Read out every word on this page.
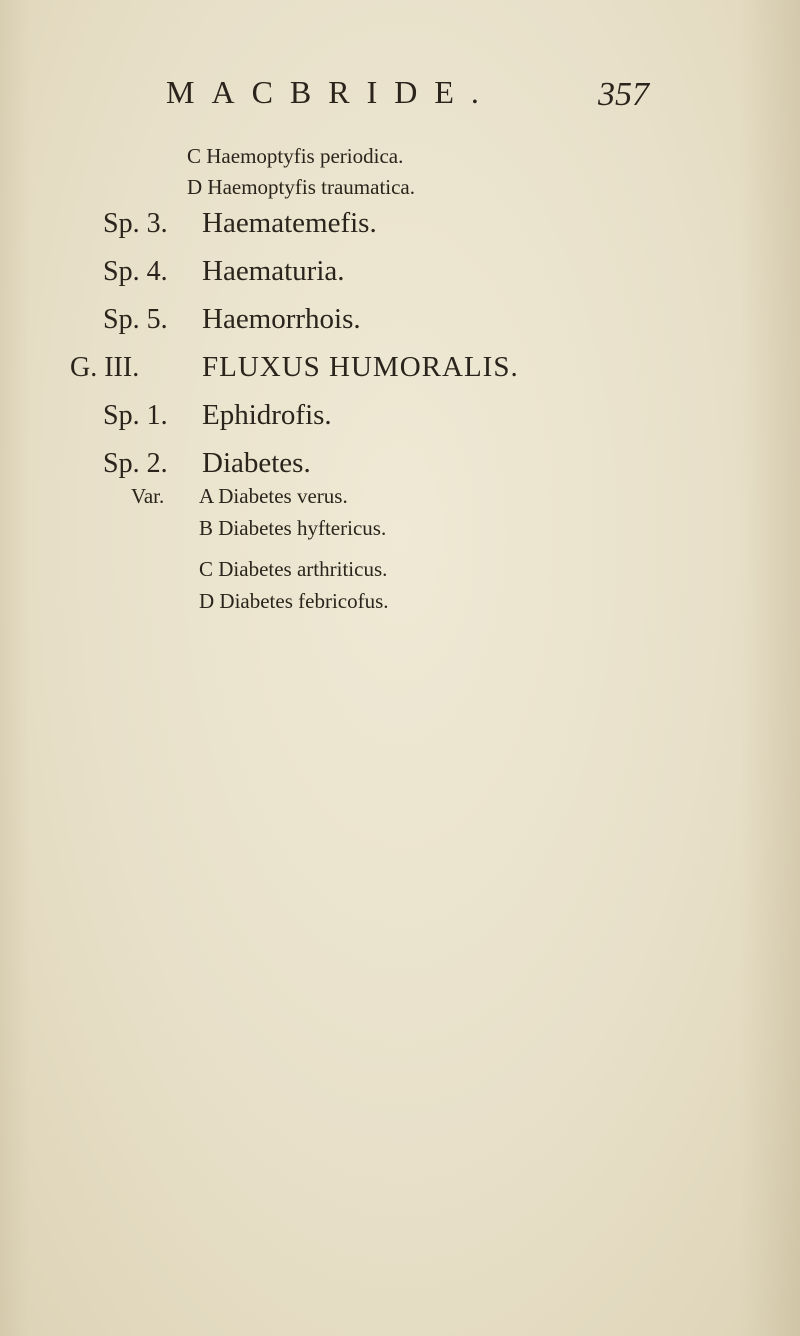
MACBRIDE.	357
C Haemoptyfis periodica.
D Haemoptyfis traumatica.
Sp. 3. Haematemefis.
Sp. 4. Haematuria.
Sp. 5. Haemorrhois.
G. III. FLUXUS HUMORALIS.
Sp. 1. Ephidrofis.
Sp. 2. Diabetes.
Var. A Diabetes verus.
B Diabetes hyftericus.
C Diabetes arthriticus.
D Diabetes febricofus.
